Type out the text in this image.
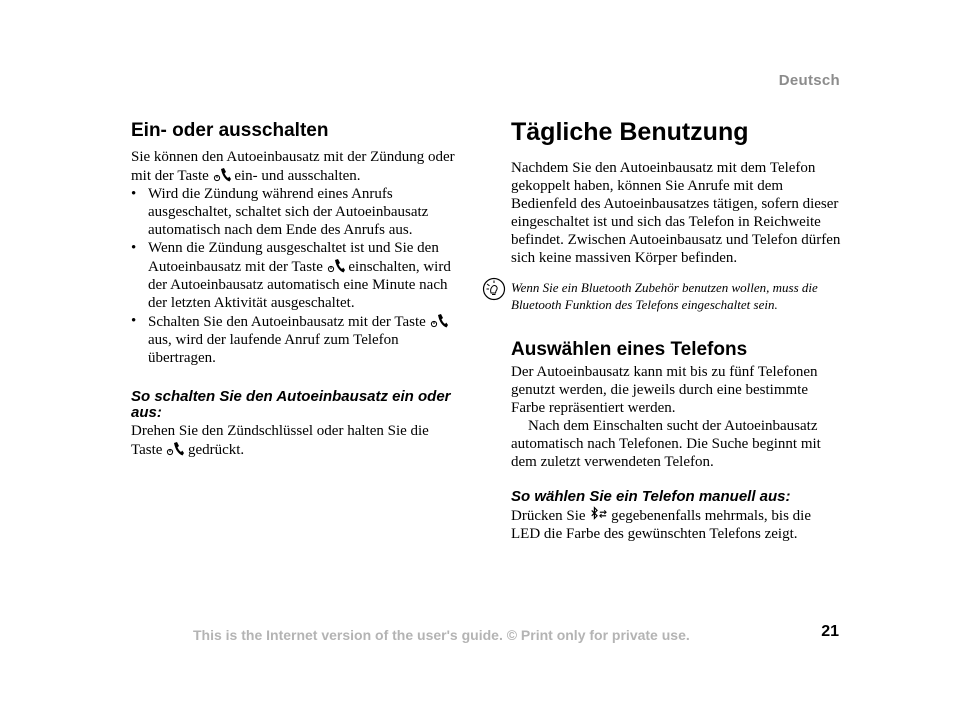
Deutsch
Ein- oder ausschalten

Sie können den Autoeinbausatz mit der Zündung oder mit der Taste ein- und ausschalten.

• Wird die Zündung während eines Anrufs ausgeschaltet, schaltet sich der Autoeinbausatz automatisch nach dem Ende des Anrufs aus.
• Wenn die Zündung ausgeschaltet ist und Sie den Autoeinbausatz mit der Taste einschalten, wird der Autoeinbausatz automatisch eine Minute nach der letzten Aktivität ausgeschaltet.
• Schalten Sie den Autoeinbausatz mit der Taste  aus, wird der laufende Anruf zum Telefon übertragen.
So schalten Sie den Autoeinbausatz ein oder aus:

Drehen Sie den Zündschlüssel oder halten Sie die Taste gedrückt.

Tägliche Benutzung

Nachdem Sie den Autoeinbausatz mit dem Telefon gekoppelt haben, können Sie Anrufe mit dem Bedienfeld des Autoeinbausatzes tätigen, sofern dieser eingeschaltet ist und sich das Telefon in Reichweite befindet. Zwischen Autoeinbausatz und Telefon dürfen sich keine massiven Körper befinden.

Wenn Sie ein Bluetooth Zubehör benutzen wollen, muss die Bluetooth Funktion des Telefons eingeschaltet sein.
Auswählen eines Telefons

Der Autoeinbausatz kann mit bis zu fünf Telefonen genutzt werden, die jeweils durch eine bestimmte Farbe repräsentiert werden.

Nach dem Einschalten sucht der Autoeinbausatz automatisch nach Telefonen. Die Suche beginnt mit dem zuletzt verwendeten Telefon.

So wählen Sie ein Telefon manuell aus:

Drücken Sie gegebenenfalls mehrmals, bis die LED die Farbe des gewünschten Telefons zeigt.

This is the Internet version of the user's guide. © Print only for private use.	21
